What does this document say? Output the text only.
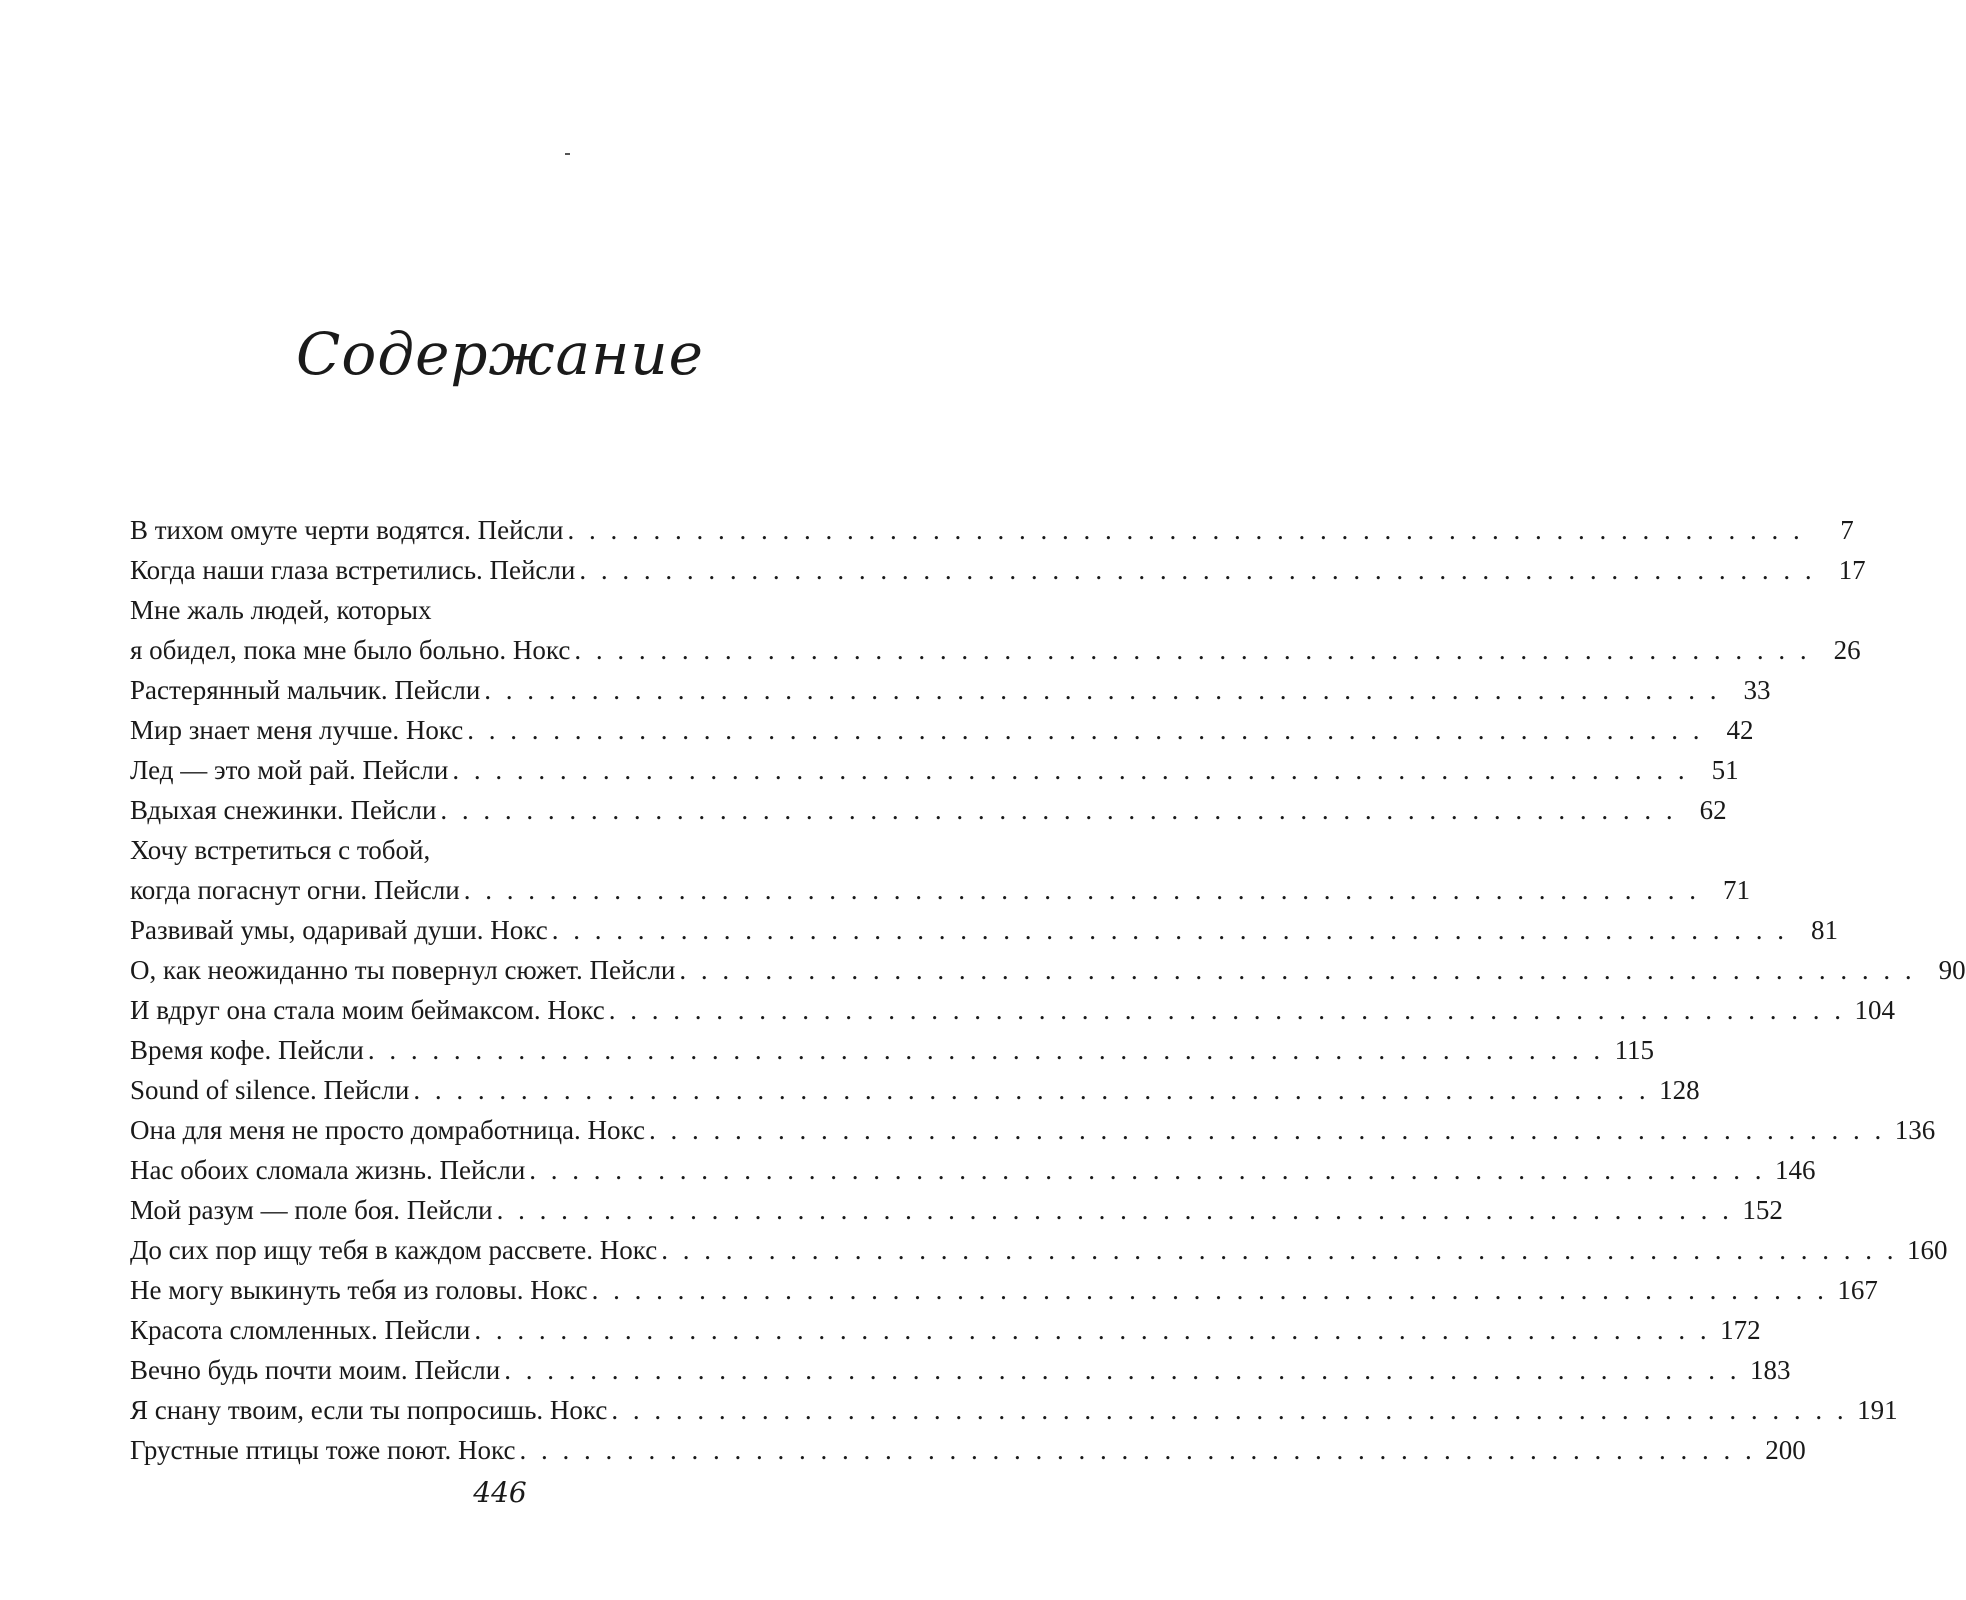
Содержание
В тихом омуте черти водятся. Пейсли . . . . . . . . . . . . . . . . . . . . . . . . . . . . . . . . . . . . . . . . . . . . . . . . . . . . . . . . . .	7
Когда наши глаза встретились. Пейсли . . . . . . . . . . . . . . . . . . . . . . . . . . . . . . . . . . . . . . . . . . . . . . . . . . . . . . . . . . 17
Мне жаль людей, которых
я обидел, пока мне было больно. Нокс . . . . . . . . . . . . . . . . . . . . . . . . . . . . . . . . . . . . . . . . . . . . . . . . . . . . . . . . . . 26
Растерянный мальчик. Пейсли . . . . . . . . . . . . . . . . . . . . . . . . . . . . . . . . . . . . . . . . . . . . . . . . . . . . . . . . . . 33
Мир знает меня лучше. Нокс . . . . . . . . . . . . . . . . . . . . . . . . . . . . . . . . . . . . . . . . . . . . . . . . . . . . . . . . . . 42
Лед — это мой рай. Пейсли . . . . . . . . . . . . . . . . . . . . . . . . . . . . . . . . . . . . . . . . . . . . . . . . . . . . . . . . . . 51
Вдыхая снежинки. Пейсли . . . . . . . . . . . . . . . . . . . . . . . . . . . . . . . . . . . . . . . . . . . . . . . . . . . . . . . . . . 62
Хочу встретиться с тобой,
когда погаснут огни. Пейсли . . . . . . . . . . . . . . . . . . . . . . . . . . . . . . . . . . . . . . . . . . . . . . . . . . . . . . . . . . 71
Развивай умы, одаривай души. Нокс . . . . . . . . . . . . . . . . . . . . . . . . . . . . . . . . . . . . . . . . . . . . . . . . . . . . . . . . . . 81
О, как неожиданно ты повернул сюжет. Пейсли . . . . . . . . . . . . . . . . . . . . . . . . . . . . . . . . . . . . . . . . . . . . . . . . . . . . . . . . . . 90
И вдруг она стала моим беймаксом. Нокс . . . . . . . . . . . . . . . . . . . . . . . . . . . . . . . . . . . . . . . . . . . . . . . . . . . . . . . . . . 104
Время кофе. Пейсли . . . . . . . . . . . . . . . . . . . . . . . . . . . . . . . . . . . . . . . . . . . . . . . . . . . . . . . . . . 115
Sound of silence. Пейсли . . . . . . . . . . . . . . . . . . . . . . . . . . . . . . . . . . . . . . . . . . . . . . . . . . . . . . . . . . 128
Она для меня не просто домработница. Нокс . . . . . . . . . . . . . . . . . . . . . . . . . . . . . . . . . . . . . . . . . . . . . . . . . . . . . . . . . . 136
Нас обоих сломала жизнь. Пейсли . . . . . . . . . . . . . . . . . . . . . . . . . . . . . . . . . . . . . . . . . . . . . . . . . . . . . . . . . . 146
Мой разум — поле боя. Пейсли . . . . . . . . . . . . . . . . . . . . . . . . . . . . . . . . . . . . . . . . . . . . . . . . . . . . . . . . . . 152
До сих пор ищу тебя в каждом рассвете. Нокс . . . . . . . . . . . . . . . . . . . . . . . . . . . . . . . . . . . . . . . . . . . . . . . . . . . . . . . . . . 160
Не могу выкинуть тебя из головы. Нокс . . . . . . . . . . . . . . . . . . . . . . . . . . . . . . . . . . . . . . . . . . . . . . . . . . . . . . . . . . 167
Красота сломленных. Пейсли . . . . . . . . . . . . . . . . . . . . . . . . . . . . . . . . . . . . . . . . . . . . . . . . . . . . . . . . . . 172
Вечно будь почти моим. Пейсли . . . . . . . . . . . . . . . . . . . . . . . . . . . . . . . . . . . . . . . . . . . . . . . . . . . . . . . . . . 183
Я снану твоим, если ты попросишь. Нокс . . . . . . . . . . . . . . . . . . . . . . . . . . . . . . . . . . . . . . . . . . . . . . . . . . . . . . . . . . 191
Грустные птицы тоже поют. Нокс . . . . . . . . . . . . . . . . . . . . . . . . . . . . . . . . . . . . . . . . . . . . . . . . . . . . . . . . . . 200
446
